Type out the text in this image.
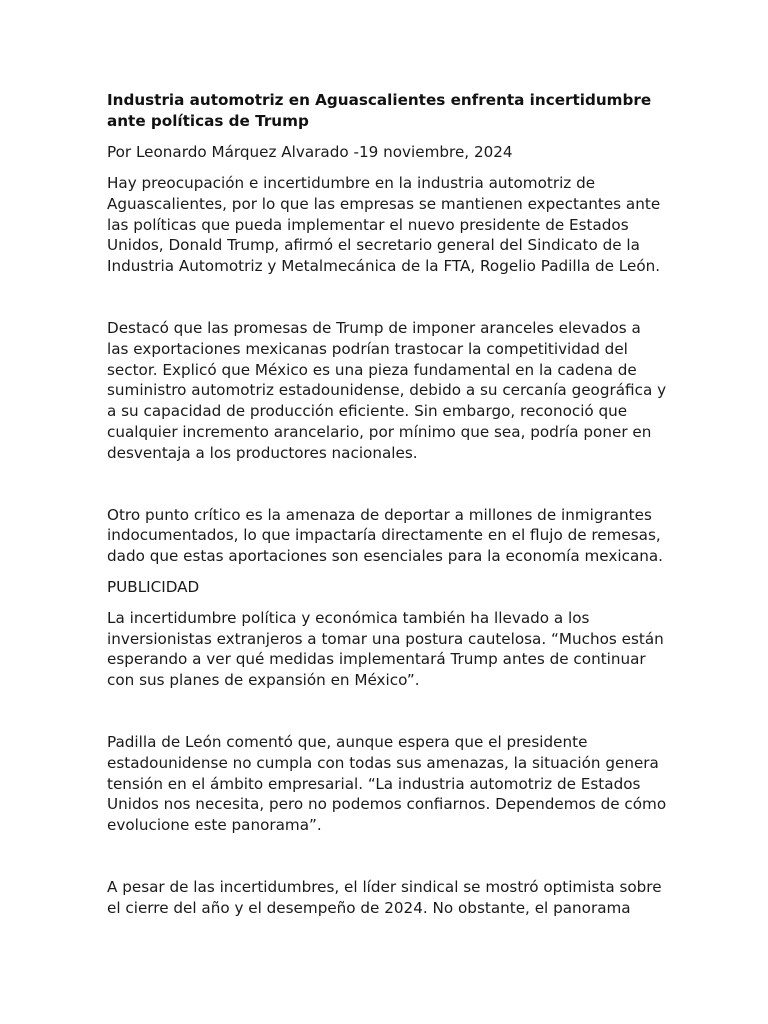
Industria automotriz en Aguascalientes enfrenta incertidumbre ante políticas de Trump

Por Leonardo Márquez Alvarado -19 noviembre, 2024

Hay preocupación e incertidumbre en la industria automotriz de Aguascalientes, por lo que las empresas se mantienen expectantes ante las políticas que pueda implementar el nuevo presidente de Estados Unidos, Donald Trump, afirmó el secretario general del Sindicato de la Industria Automotriz y Metalmecánica de la FTA, Rogelio Padilla de León.

Destacó que las promesas de Trump de imponer aranceles elevados a las exportaciones mexicanas podrían trastocar la competitividad del sector. Explicó que México es una pieza fundamental en la cadena de suministro automotriz estadounidense, debido a su cercanía geográfica y a su capacidad de producción eficiente. Sin embargo, reconoció que cualquier incremento arancelario, por mínimo que sea, podría poner en desventaja a los productores nacionales.

Otro punto crítico es la amenaza de deportar a millones de inmigrantes indocumentados, lo que impactaría directamente en el flujo de remesas, dado que estas aportaciones son esenciales para la economía mexicana.

PUBLICIDAD

La incertidumbre política y económica también ha llevado a los inversionistas extranjeros a tomar una postura cautelosa. “Muchos están esperando a ver qué medidas implementará Trump antes de continuar con sus planes de expansión en México”.

Padilla de León comentó que, aunque espera que el presidente estadounidense no cumpla con todas sus amenazas, la situación genera tensión en el ámbito empresarial. “La industria automotriz de Estados Unidos nos necesita, pero no podemos confiarnos. Dependemos de cómo evolucione este panorama”.

A pesar de las incertidumbres, el líder sindical se mostró optimista sobre el cierre del año y el desempeño de 2024. No obstante, el panorama
